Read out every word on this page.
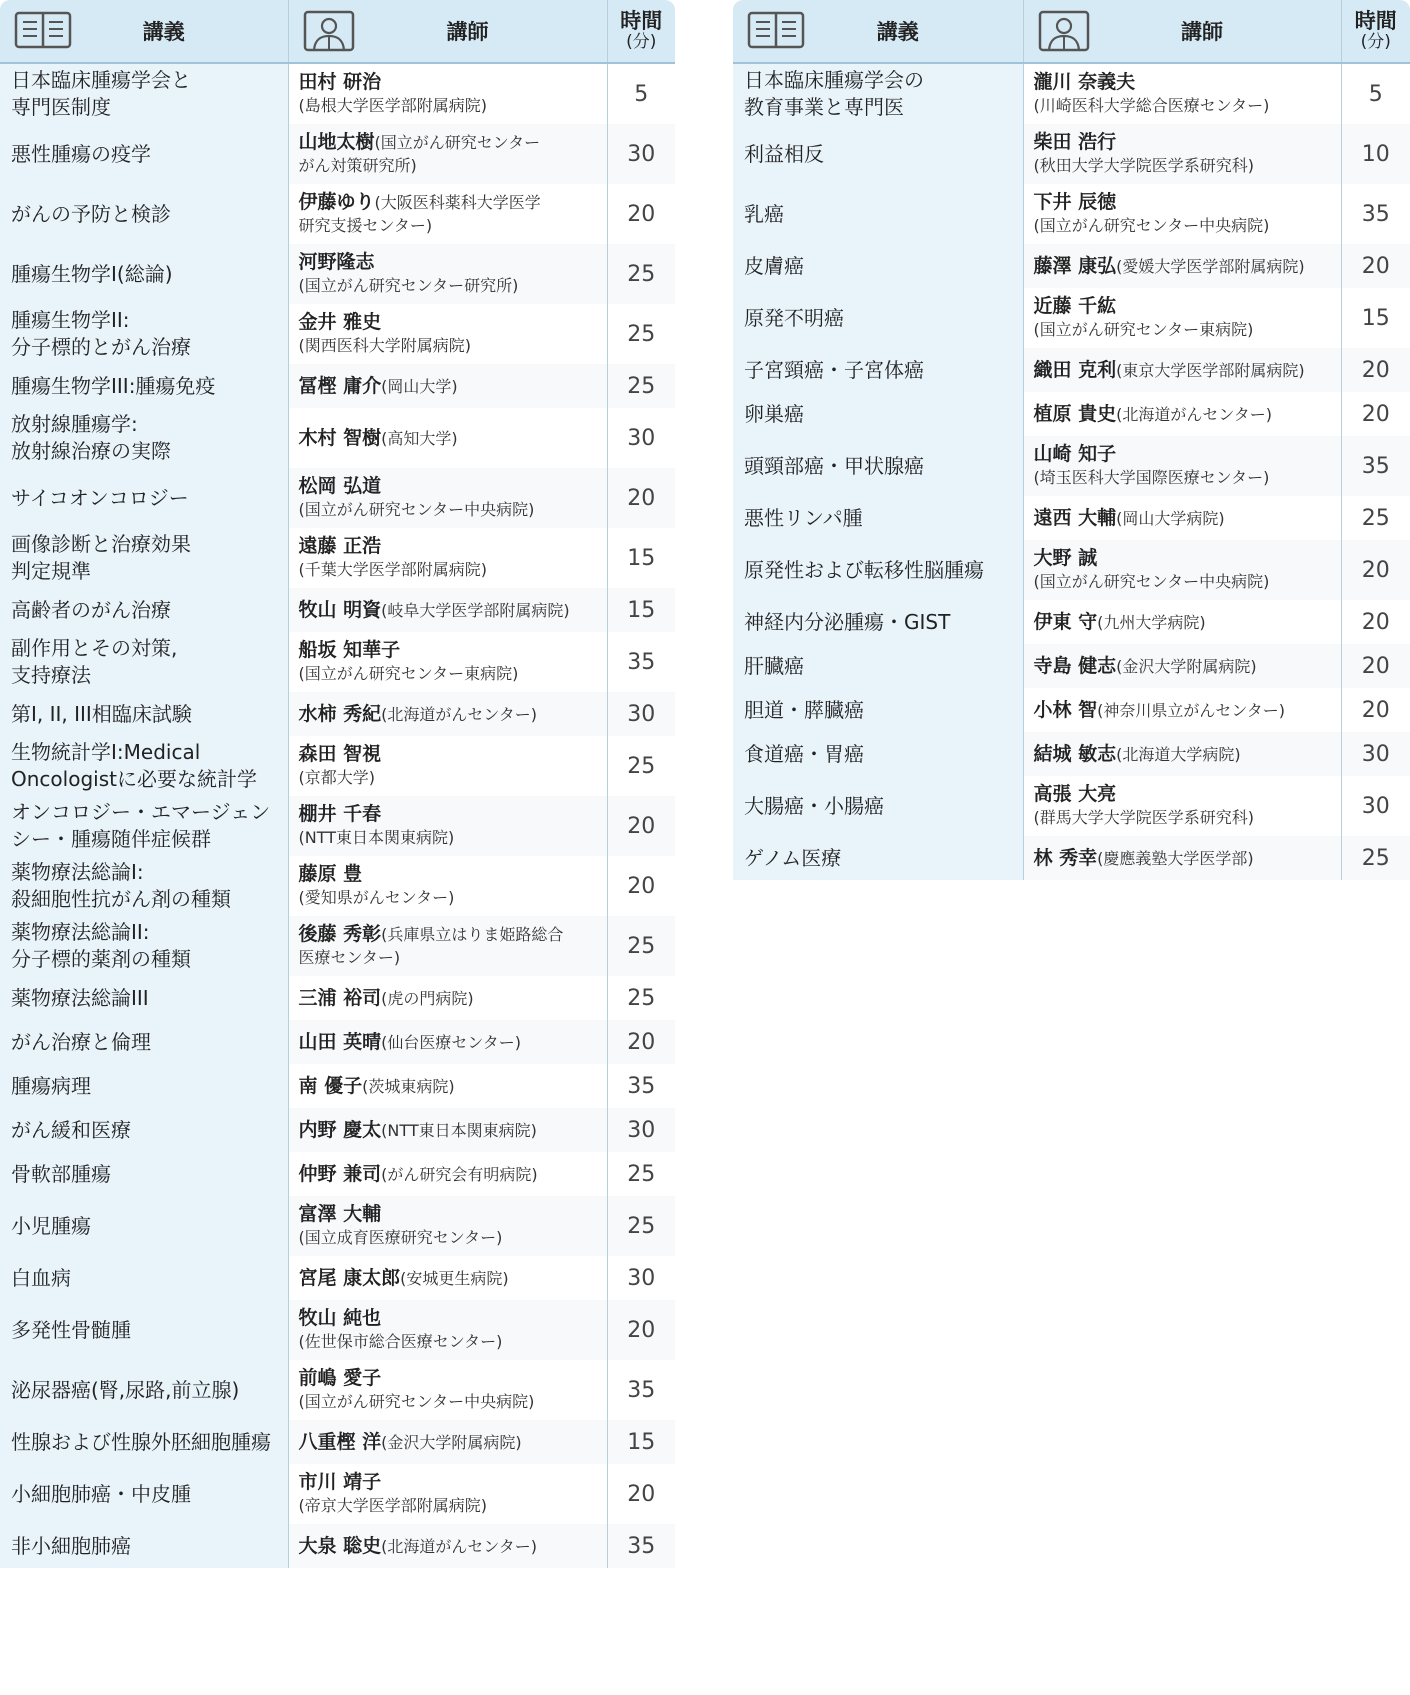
講義	講師	時間
(分)

日本臨床腫瘍学会と
専門医制度	田村 研治
(島根大学医学部附属病院)	5
悪性腫瘍の疫学	山地太樹(国立がん研究センター
がん対策研究所)	30
がんの予防と検診	伊藤ゆり(大阪医科薬科大学医学
研究支援センター)	20
腫瘍生物学I(総論)	河野隆志
(国立がん研究センター研究所)	25
腫瘍生物学II:
分子標的とがん治療	金井 雅史
(関西医科大学附属病院)	25
腫瘍生物学III:腫瘍免疫	冨樫 庸介(岡山大学)	25
放射線腫瘍学:
放射線治療の実際	木村 智樹(高知大学)	30
サイコオンコロジー	松岡 弘道
(国立がん研究センター中央病院)	20
画像診断と治療効果
判定規準	遠藤 正浩
(千葉大学医学部附属病院)	15
高齢者のがん治療	牧山 明資(岐阜大学医学部附属病院)	15
副作用とその対策,
支持療法	船坂 知華子
(国立がん研究センター東病院)	35
第I, II, III相臨床試験	水柿 秀紀(北海道がんセンター)	30
生物統計学I:Medical
Oncologistに必要な統計学	森田 智視
(京都大学)	25
オンコロジー・エマージェン
シー・腫瘍随伴症候群	棚井 千春
(NTT東日本関東病院)	20
薬物療法総論I:
殺細胞性抗がん剤の種類	藤原 豊
(愛知県がんセンター)	20
薬物療法総論II:
分子標的薬剤の種類	後藤 秀彰(兵庫県立はりま姫路総合
医療センター)	25
薬物療法総論III	三浦 裕司(虎の門病院)	25
がん治療と倫理	山田 英晴(仙台医療センター)	20
腫瘍病理	南 優子(茨城東病院)	35
がん緩和医療	内野 慶太(NTT東日本関東病院)	30
骨軟部腫瘍	仲野 兼司(がん研究会有明病院)	25
小児腫瘍	富澤 大輔
(国立成育医療研究センター)	25
白血病	宮尾 康太郎(安城更生病院)	30
多発性骨髄腫	牧山 純也
(佐世保市総合医療センター)	20
泌尿器癌(腎,尿路,前立腺)	前嶋 愛子
(国立がん研究センター中央病院)	35
性腺および性腺外胚細胞腫瘍	八重樫 洋(金沢大学附属病院)	15
小細胞肺癌・中皮腫	市川 靖子
(帝京大学医学部附属病院)	20
非小細胞肺癌	大泉 聡史(北海道がんセンター)	35
講義	講師	時間
(分)

日本臨床腫瘍学会の
教育事業と専門医	瀧川 奈義夫
(川崎医科大学総合医療センター)	5
利益相反	柴田 浩行
(秋田大学大学院医学系研究科)	10
乳癌	下井 辰徳
(国立がん研究センター中央病院)	35
皮膚癌	藤澤 康弘(愛媛大学医学部附属病院)	20
原発不明癌	近藤 千紘
(国立がん研究センター東病院)	15
子宮頸癌・子宮体癌	織田 克利(東京大学医学部附属病院)	20
卵巣癌	植原 貴史(北海道がんセンター)	20
頭頸部癌・甲状腺癌	山崎 知子
(埼玉医科大学国際医療センター)	35
悪性リンパ腫	遠西 大輔(岡山大学病院)	25
原発性および転移性脳腫瘍	大野 誠
(国立がん研究センター中央病院)	20
神経内分泌腫瘍・GIST	伊東 守(九州大学病院)	20
肝臓癌	寺島 健志(金沢大学附属病院)	20
胆道・膵臓癌	小林 智(神奈川県立がんセンター)	20
食道癌・胃癌	結城 敏志(北海道大学病院)	30
大腸癌・小腸癌	高張 大亮
(群馬大学大学院医学系研究科)	30
ゲノム医療	林 秀幸(慶應義塾大学医学部)	25
